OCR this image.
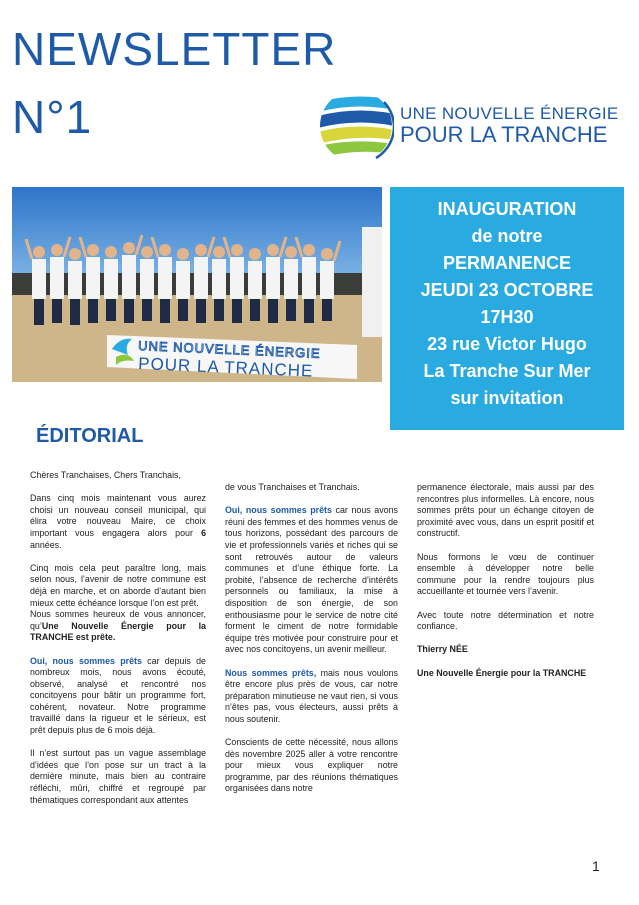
NEWSLETTER
N°1	UNE NOUVELLE ÉNERGIE
POUR LA TRANCHE
UNE NOUVELLE ÉNERGIE
POUR LA TRANCHE
INAUGURATION
de notre
PERMANENCE
JEUDI 23 OCTOBRE
17H30
23 rue Victor Hugo
La Tranche Sur Mer
sur invitation
ÉDITORIAL

Chères Tranchaises, Chers Tranchais,

Dans cinq mois maintenant vous aurez choisi un nouveau conseil municipal, qui élira votre nouveau Maire, ce choix important vous engagera alors pour 6 années.

Cinq mois cela peut paraître long, mais selon nous, l’avenir de notre commune est déjà en marche, et on aborde d’autant bien mieux cette échéance lorsque l’on est prêt.

Nous sommes heureux de vous annoncer, qu’Une Nouvelle Énergie pour la TRANCHE est prête.

Oui, nous sommes prêts car depuis de nombreux mois, nous avons écouté, observé, analysé et rencontré nos concitoyens pour bâtir un programme fort, cohérent, novateur. Notre programme travaillé dans la rigueur et le sérieux, est prêt depuis plus de 6 mois déjà.

Il n’est surtout pas un vague assemblage d’idées que l’on pose sur un tract à la dernière minute, mais bien au contraire réfléchi, mûri, chiffré et regroupé par thématiques correspondant aux attentes

de vous Tranchaises et Tranchais.

Oui, nous sommes prêts car nous avons réuni des femmes et des hommes venus de tous horizons, possédant des parcours de vie et professionnels variés et riches qui se sont retrouvés autour de valeurs communes et d’une éthique forte. La probité, l’absence de recherche d’intérêts personnels ou familiaux, la mise à disposition de son énergie, de son enthousiasme pour le service de notre cité forment le ciment de notre formidable équipe très motivée pour construire pour et avec nos concitoyens, un avenir meilleur.

Nous sommes prêts, mais nous voulons être encore plus près de vous, car notre préparation minutieuse ne vaut rien, si vous n’êtes pas, vous électeurs, aussi prêts à nous soutenir.

Conscients de cette nécessité, nous allons dès novembre 2025 aller à votre rencontre pour mieux vous expliquer notre programme, par des réunions thématiques organisées dans notre

permanence électorale, mais aussi par des rencontres plus informelles. Là encore, nous sommes prêts pour un échange citoyen de proximité avec vous, dans un esprit positif et constructif.

Nous formons le vœu de continuer ensemble à développer notre belle commune pour la rendre toujours plus accueillante et tournée vers l’avenir.

Avec toute notre détermination et notre confiance.

Thierry NÉE

Une Nouvelle Énergie pour la TRANCHE

1
